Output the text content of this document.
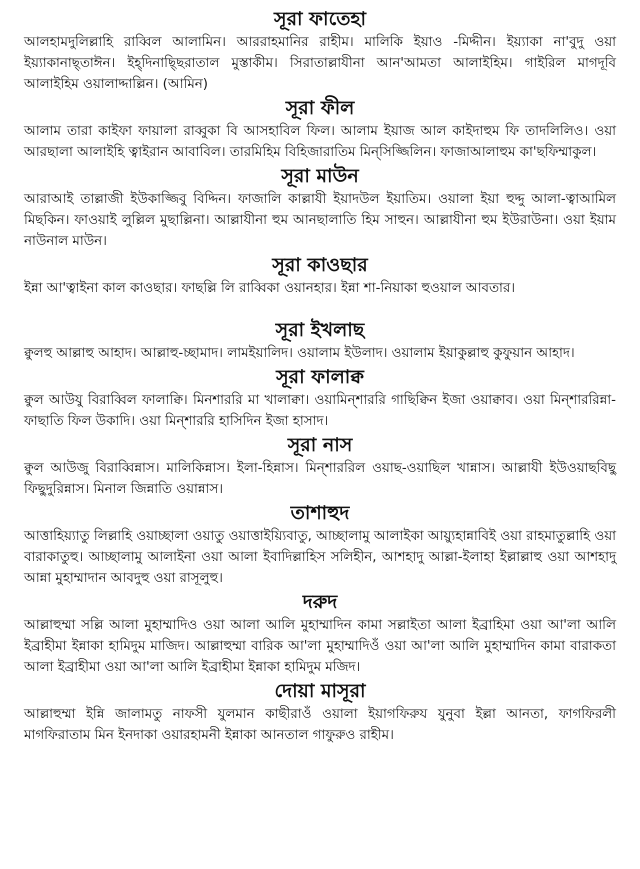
সূরা ফাতেহা

আলহামদুলিল্লাহি রাব্বিল আলামিন। আররাহমানির রাহীম। মালিকি ইয়াও -মিদ্দীন। ইয়্যাকা না'বুদু ওয়া ইয়্যাকানাছ্‌তাঈন। ইহ্‌দিনাছ্ছিরাতাল মুস্তাকীম। সিরাতাল্লাযীনা আন'আমতা আলাইহিম। গাইরিল মাগদূবি আলাইহিম ওয়ালাদ্দাল্লিন। (আমিন)

সূরা ফীল

আলাম তারা কাইফা ফায়ালা রাব্বুকা বি আসহাবিল ফিল। আলাম ইয়াজ আল কাইদাহুম ফি তাদলিলিও। ওয়া আরছালা আলাইহি ত্বাইরান আবাবিল। তারমিহিম বিহিজারাতিম মিন্‌সিজ্জিলিন। ফাজাআলাহুম কা'ছফিম্মাকুল।

সূরা মাউন

আরাআই তাল্লাজী ইউকাজ্জিবু বিদ্দিন। ফাজালি কাল্লাযী ইয়াদউল ইয়াতিম। ওয়ালা ইয়া হুদ্দু আলা-ত্বাআমিল মিছকিন। ফাওয়াই লুল্লিল মুছাল্লিনা। আল্লাযীনা হুম আনছালাতি হিম সাহুন। আল্লাযীনা হুম ইউরাউনা। ওয়া ইয়াম নাউনাল মাউন।

সূরা কাওছার

ইন্না আ'ত্বাইনা কাল কাওছার। ফাছল্লি লি রাব্বিকা ওয়ানহার। ইন্না শা-নিয়াকা হুওয়াল আবতার।

সূরা ইখলাছ

ক্বুলহু আল্লাহু আহাদ। আল্লাহু-চ্ছামাদ। লামইয়ালিদ। ওয়ালাম ইউলাদ। ওয়ালাম ইয়াকুল্লাহু কুফুয়ান আহাদ।

সূরা ফালাক্ব

ক্বুল আউযু বিরাব্বিল ফালাক্বি। মিনশাররি মা খালাক্বা। ওয়ামিন্‌শাররি গাছিক্বিন ইজা ওয়াক্বাব। ওয়া মিন্‌শাররিন্না-ফাছাতি ফিল উকাদি। ওয়া মিন্‌শাররি হাসিদিন ইজা হাসাদ।

সূরা নাস

ক্বুল আউজু বিরাব্বিন্নাস। মালিকিন্নাস। ইলা-হিন্নাস। মিন্‌শাররিল ওয়াছ-ওয়াছিল খান্নাস। আল্লাযী ইউওয়াছবিছু ফিছুদুরিন্নাস। মিনাল জিন্নাতি ওয়ান্নাস।

তাশাহুদ

আত্তাহিয়্যাতু লিল্লাহি ওয়াচ্ছালা ওয়াতু ওয়াত্তাইয়্যিবাতু, আচ্ছালামু আলাইকা আয়্যুহান্নাবিই ওয়া রাহমাতুল্লাহি ওয়া বারাকাতুহু। আচ্ছালামু আলাইনা ওয়া আলা ইবাদিল্লাহিস সলিহীন, আশহাদু আল্লা-ইলাহা ইল্লাল্লাহু ওয়া আশহাদু আন্না মুহাম্মাদান আবদুহু ওয়া রাসূলুহু।

দরুদ

আল্লাহুম্মা সল্লি আলা মুহাম্মাদিও ওয়া আলা আলি মুহাম্মাদিন কামা সল্লাইতা আলা ইব্রাহিমা ওয়া আ'লা আলি ইব্রাহীমা ইন্নাকা হামিদুম মাজিদ। আল্লাহুম্মা বারিক আ'লা মুহাম্মাদিওঁ ওয়া আ'লা আলি মুহাম্মাদিন কামা বারাকতা আলা ইব্রাহীমা ওয়া আ'লা আলি ইব্রাহীমা ইন্নাকা হামিদুম মজিদ।

দোয়া মাসূরা

আল্লাহুম্মা ইন্নি জালামতু নাফসী যুলমান কাছীরাওঁ ওয়ালা ইয়াগফিরুয যুনুবা ইল্লা আনতা, ফাগফিরলী মাগফিরাতাম মিন ইনদাকা ওয়ারহামনী ইন্নাকা আনতাল গাফুরুও রাহীম।
